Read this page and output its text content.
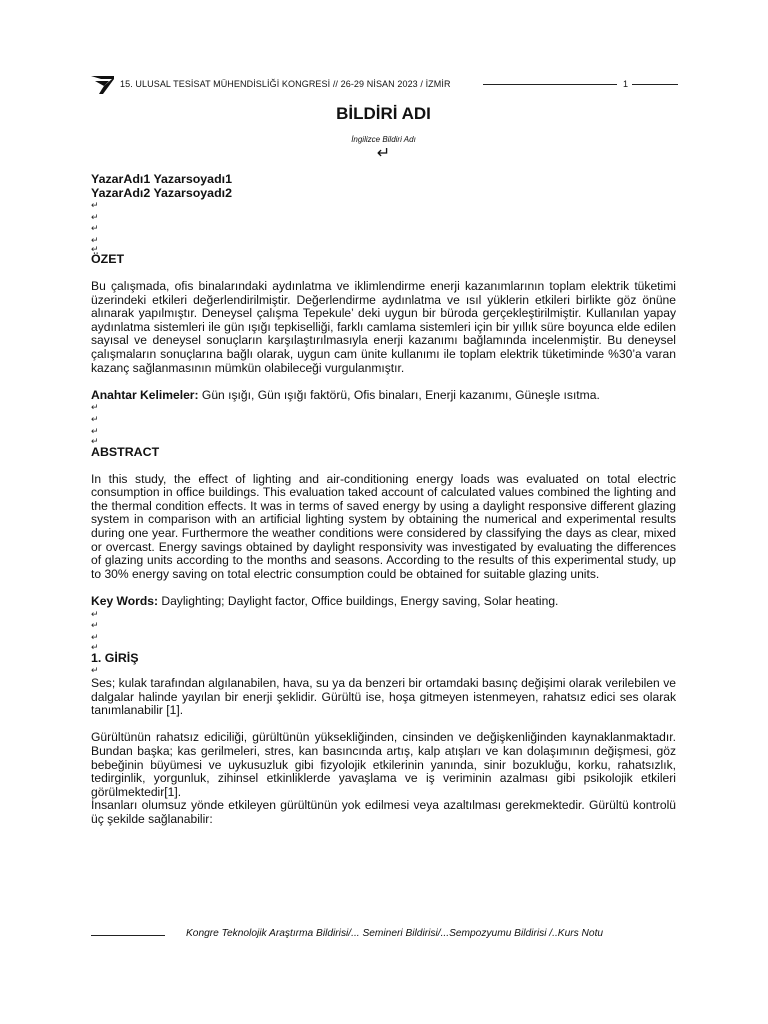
15. ULUSAL TESİSAT MÜHENDİSLİĞİ KONGRESİ // 26-29 NİSAN 2023 / İZMİR	1
BİLDİRİ ADI
İngilizce Bildiri Adı
↵
YazarAdı1 Yazarsoyadı1
YazarAdı2 Yazarsoyadı2
↵
↵
↵
↵
↵
ÖZET

Bu çalışmada, ofis binalarındaki aydınlatma ve iklimlendirme enerji kazanımlarının toplam elektrik tüketimi üzerindeki etkileri değerlendirilmiştir. Değerlendirme aydınlatma ve ısıl yüklerin etkileri birlikte göz önüne alınarak yapılmıştır. Deneysel çalışma Tepekule’ deki uygun bir büroda gerçekleştirilmiştir. Kullanılan yapay aydınlatma sistemleri ile gün ışığı tepkiselliği, farklı camlama sistemleri için bir yıllık süre boyunca elde edilen sayısal ve deneysel sonuçların karşılaştırılmasıyla enerji kazanımı bağlamında incelenmiştir. Bu deneysel çalışmaların sonuçlarına bağlı olarak, uygun cam ünite kullanımı ile toplam elektrik tüketiminde %30’a varan kazanç sağlanmasının mümkün olabileceği vurgulanmıştır.

Anahtar Kelimeler: Gün ışığı, Gün ışığı faktörü, Ofis binaları, Enerji kazanımı, Güneşle ısıtma.

↵
↵
↵
↵
ABSTRACT

In this study, the effect of lighting and air-conditioning energy loads was evaluated on total electric consumption in office buildings. This evaluation taked account of calculated values combined the lighting and the thermal condition effects. It was in terms of saved energy by using a daylight responsive different glazing system in comparison with an artificial lighting system by obtaining the numerical and experimental results during one year. Furthermore the weather conditions were considered by classifying the days as clear, mixed or overcast. Energy savings obtained by daylight responsivity was investigated by evaluating the differences of glazing units according to the months and seasons. According to the results of this experimental study, up to 30% energy saving on total electric consumption could be obtained for suitable glazing units.

Key Words: Daylighting; Daylight factor, Office buildings, Energy saving, Solar heating.

↵
↵
↵
↵
1. GİRİŞ
↵

Ses; kulak tarafından algılanabilen, hava, su ya da benzeri bir ortamdaki basınç değişimi olarak verilebilen ve dalgalar halinde yayılan bir enerji şeklidir. Gürültü ise, hoşa gitmeyen istenmeyen, rahatsız edici ses olarak tanımlanabilir [1].

Gürültünün rahatsız ediciliği, gürültünün yüksekliğinden, cinsinden ve değişkenliğinden kaynaklanmaktadır. Bundan başka; kas gerilmeleri, stres, kan basıncında artış, kalp atışları ve kan dolaşımının değişmesi, göz bebeğinin büyümesi ve uykusuzluk gibi fizyolojik etkilerinin yanında, sinir bozukluğu, korku, rahatsızlık, tedirginlik, yorgunluk, zihinsel etkinliklerde yavaşlama ve iş veriminin azalması gibi psikolojik etkileri görülmektedir[1].

İnsanları olumsuz yönde etkileyen gürültünün yok edilmesi veya azaltılması gerekmektedir. Gürültü kontrolü üç şekilde sağlanabilir:

Kongre Teknolojik Araştırma Bildirisi/... Semineri Bildirisi/...Sempozyumu Bildirisi /..Kurs Notu
